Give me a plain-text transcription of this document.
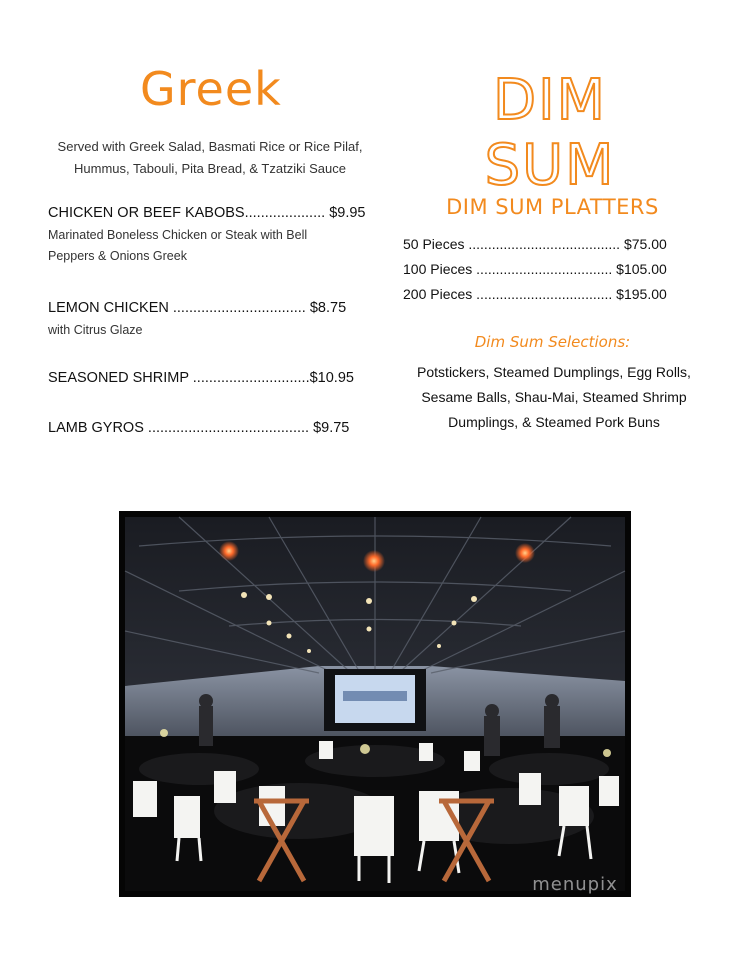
Greek
Served with Greek Salad, Basmati Rice or Rice Pilaf,
Hummus, Tabouli, Pita Bread, & Tzatziki Sauce
CHICKEN OR BEEF KABOBS.................... $9.95
Marinated Boneless Chicken or Steak with Bell
Peppers & Onions Greek
LEMON CHICKEN ................................. $8.75
with Citrus Glaze
SEASONED SHRIMP .............................$10.95
LAMB GYROS ........................................ $9.75
DIM SUM
DIM SUM PLATTERS
50 Pieces ....................................... $75.00
100 Pieces ................................... $105.00
200 Pieces ................................... $195.00
Dim Sum Selections:
Potstickers, Steamed Dumplings, Egg Rolls,
Sesame Balls, Shau-Mai, Steamed Shrimp
Dumplings, & Steamed Pork Buns
menupix
